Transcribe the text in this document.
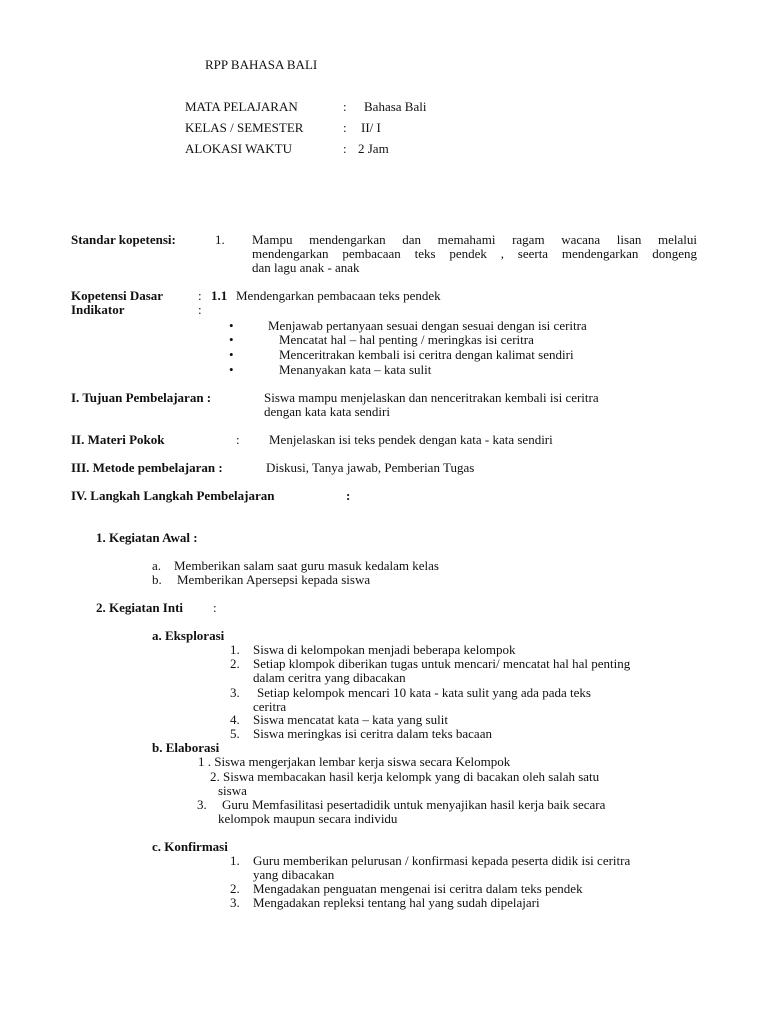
RPP BAHASA BALI
MATA PELAJARAN	: Bahasa Bali
KELAS / SEMESTER	: II/ I
ALOKASI WAKTU	: 2 Jam
Standar kopetensi:	1. Mampu mendengarkan dan memahami ragam wacana lisan melalui
mendengarkan pembacaan teks pendek , seerta mendengarkan dongeng
dan lagu anak - anak
Kopetensi Dasar	: 1.1 Mendengarkan pembacaan teks pendek
Indikator	:
•	Menjawab pertanyaan sesuai dengan sesuai dengan isi ceritra
•	Mencatat hal – hal penting / meringkas isi ceritra
•	Menceritrakan kembali isi ceritra dengan kalimat sendiri
•	Menanyakan kata – kata sulit
I. Tujuan Pembelajaran :	Siswa mampu menjelaskan dan nenceritrakan kembali isi ceritra
dengan kata kata sendiri
II. Materi Pokok	: Menjelaskan isi teks pendek dengan kata - kata sendiri
III. Metode pembelajaran :	Diskusi, Tanya jawab, Pemberian Tugas
IV. Langkah Langkah Pembelajaran	:
1. Kegiatan Awal :
a. Memberikan salam saat guru masuk kedalam kelas
b. Memberikan Apersepsi kepada siswa
2. Kegiatan Inti :
a. Eksplorasi
1. Siswa di kelompokan menjadi beberapa kelompok
2. Setiap klompok diberikan tugas untuk mencari/ mencatat hal hal penting
dalam ceritra yang dibacakan
3. Setiap kelompok mencari 10 kata - kata sulit yang ada pada teks
ceritra
4. Siswa mencatat kata – kata yang sulit
5. Siswa meringkas isi ceritra dalam teks bacaan
b. Elaborasi
1 . Siswa mengerjakan lembar kerja siswa secara Kelompok
2. Siswa membacakan hasil kerja kelompk yang di bacakan oleh salah satu
siswa
3. Guru Memfasilitasi pesertadidik untuk menyajikan hasil kerja baik secara
kelompok maupun secara individu
c. Konfirmasi
1. Guru memberikan pelurusan / konfirmasi kepada peserta didik isi ceritra
yang dibacakan
2. Mengadakan penguatan mengenai isi ceritra dalam teks pendek
3. Mengadakan repleksi tentang hal yang sudah dipelajari
